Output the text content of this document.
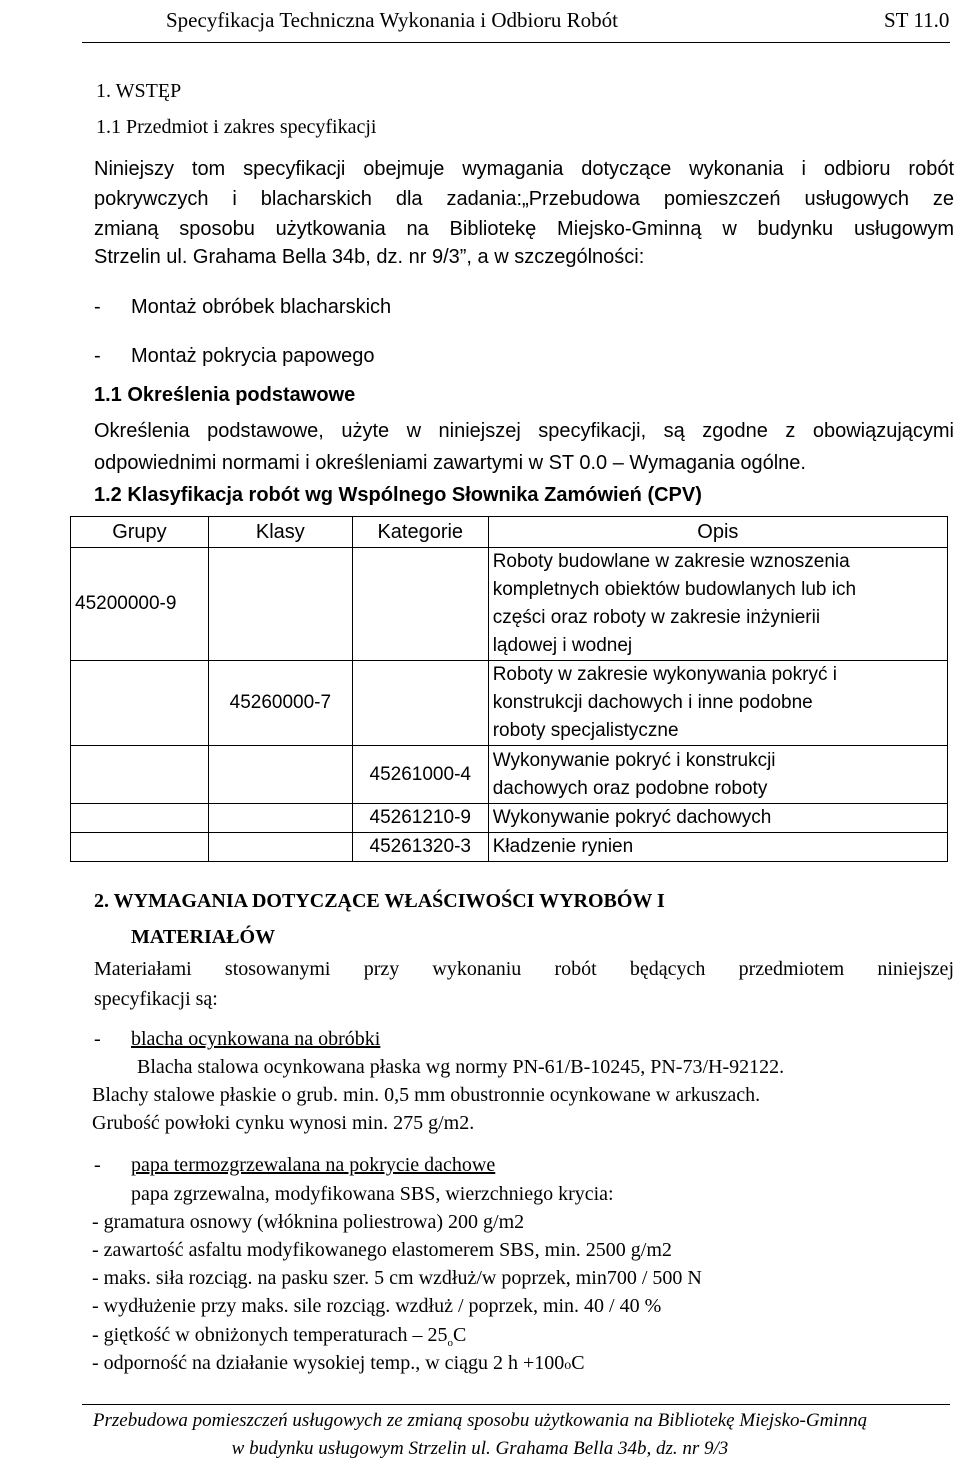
Specyfikacja Techniczna Wykonania i Odbioru Robót	ST 11.0
1. WSTĘP
1.1 Przedmiot i zakres specyfikacji
Niniejszy tom specyfikacji obejmuje wymagania dotyczące wykonania i odbioru robót
pokrywczych i blacharskich dla zadania:„Przebudowa pomieszczeń usługowych ze
zmianą sposobu użytkowania na Bibliotekę Miejsko-Gminną w budynku usługowym
Strzelin ul. Grahama Bella 34b, dz. nr 9/3”, a w szczególności:
- Montaż obróbek blacharskich
- Montaż pokrycia papowego
1.1 Określenia podstawowe
Określenia podstawowe, użyte w niniejszej specyfikacji, są zgodne z obowiązującymi
odpowiednimi normami i określeniami zawartymi w ST 0.0 – Wymagania ogólne.
1.2 Klasyfikacja robót wg Wspólnego Słownika Zamówień (CPV)
Grupy	Klasy	Kategorie	Opis
45200000-9			Roboty budowlane w zakresie wznoszenia
kompletnych obiektów budowlanych lub ich
części oraz roboty w zakresie inżynierii
lądowej i wodnej

	45260000-7		Roboty w zakresie wykonywania pokryć i
konstrukcji dachowych i inne podobne
roboty specjalistyczne

		45261000-4	Wykonywanie pokryć i konstrukcji
dachowych oraz podobne roboty

		45261210-9	Wykonywanie pokryć dachowych
		45261320-3	Kładzenie rynien
2. WYMAGANIA DOTYCZĄCE WŁAŚCIWOŚCI WYROBÓW I
MATERIAŁÓW
Materiałami stosowanymi przy wykonaniu robót będących przedmiotem niniejszej
specyfikacji są:
- blacha ocynkowana na obróbki
Blacha stalowa ocynkowana płaska wg normy PN-61/B-10245, PN-73/H-92122.
Blachy stalowe płaskie o grub. min. 0,5 mm obustronnie ocynkowane w arkuszach.
Grubość powłoki cynku wynosi min. 275 g/m2.
- papa termozgrzewalana na pokrycie dachowe
papa zgrzewalna, modyfikowana SBS, wierzchniego krycia:
- gramatura osnowy (włóknina poliestrowa) 200 g/m2
- zawartość asfaltu modyfikowanego elastomerem SBS, min. 2500 g/m2
- maks. siła rozciąg. na pasku szer. 5 cm wzdłuż/w poprzek, min700 / 500 N
- wydłużenie przy maks. sile rozciąg. wzdłuż / poprzek, min. 40 / 40 %
- giętkość w obniżonych temperaturach – $25_oC$
- odporność na działanie wysokiej temp., w ciągu 2 h +100oC
Przebudowa pomieszczeń usługowych ze zmianą sposobu użytkowania na Bibliotekę Miejsko-Gminną
w budynku usługowym Strzelin ul. Grahama Bella 34b, dz. nr 9/3
